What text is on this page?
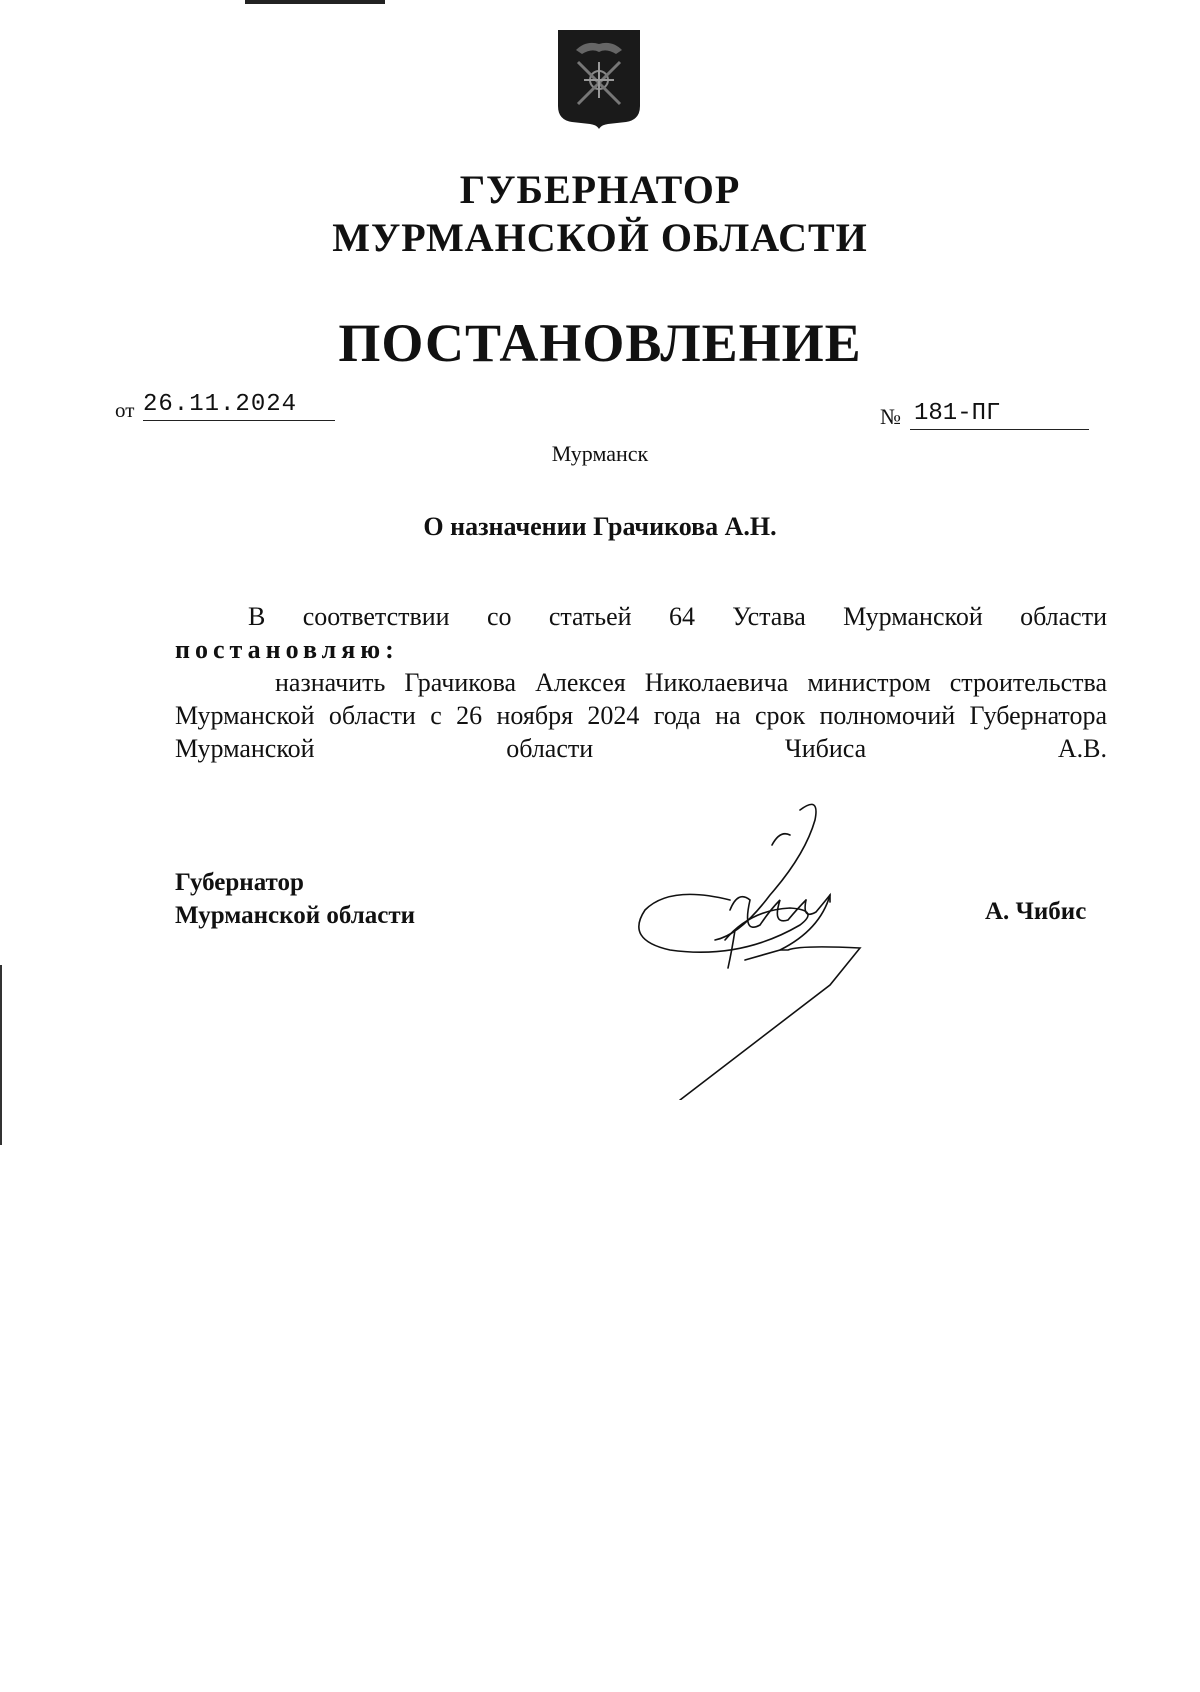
ГУБЕРНАТОР
МУРМАНСКОЙ ОБЛАСТИ
ПОСТАНОВЛЕНИЕ
от 26.11.2024	№ 181-ПГ
Мурманск
О назначении Грачикова А.Н.

В соответствии со статьей 64 Устава Мурманской области

постановляю:

назначить Грачикова Алексея Николаевича министром строительства Мурманской области с 26 ноября 2024 года на срок полномочий Губернатора Мурманской области Чибиса А.В.

Губернатор
Мурманской области	А. Чибис
